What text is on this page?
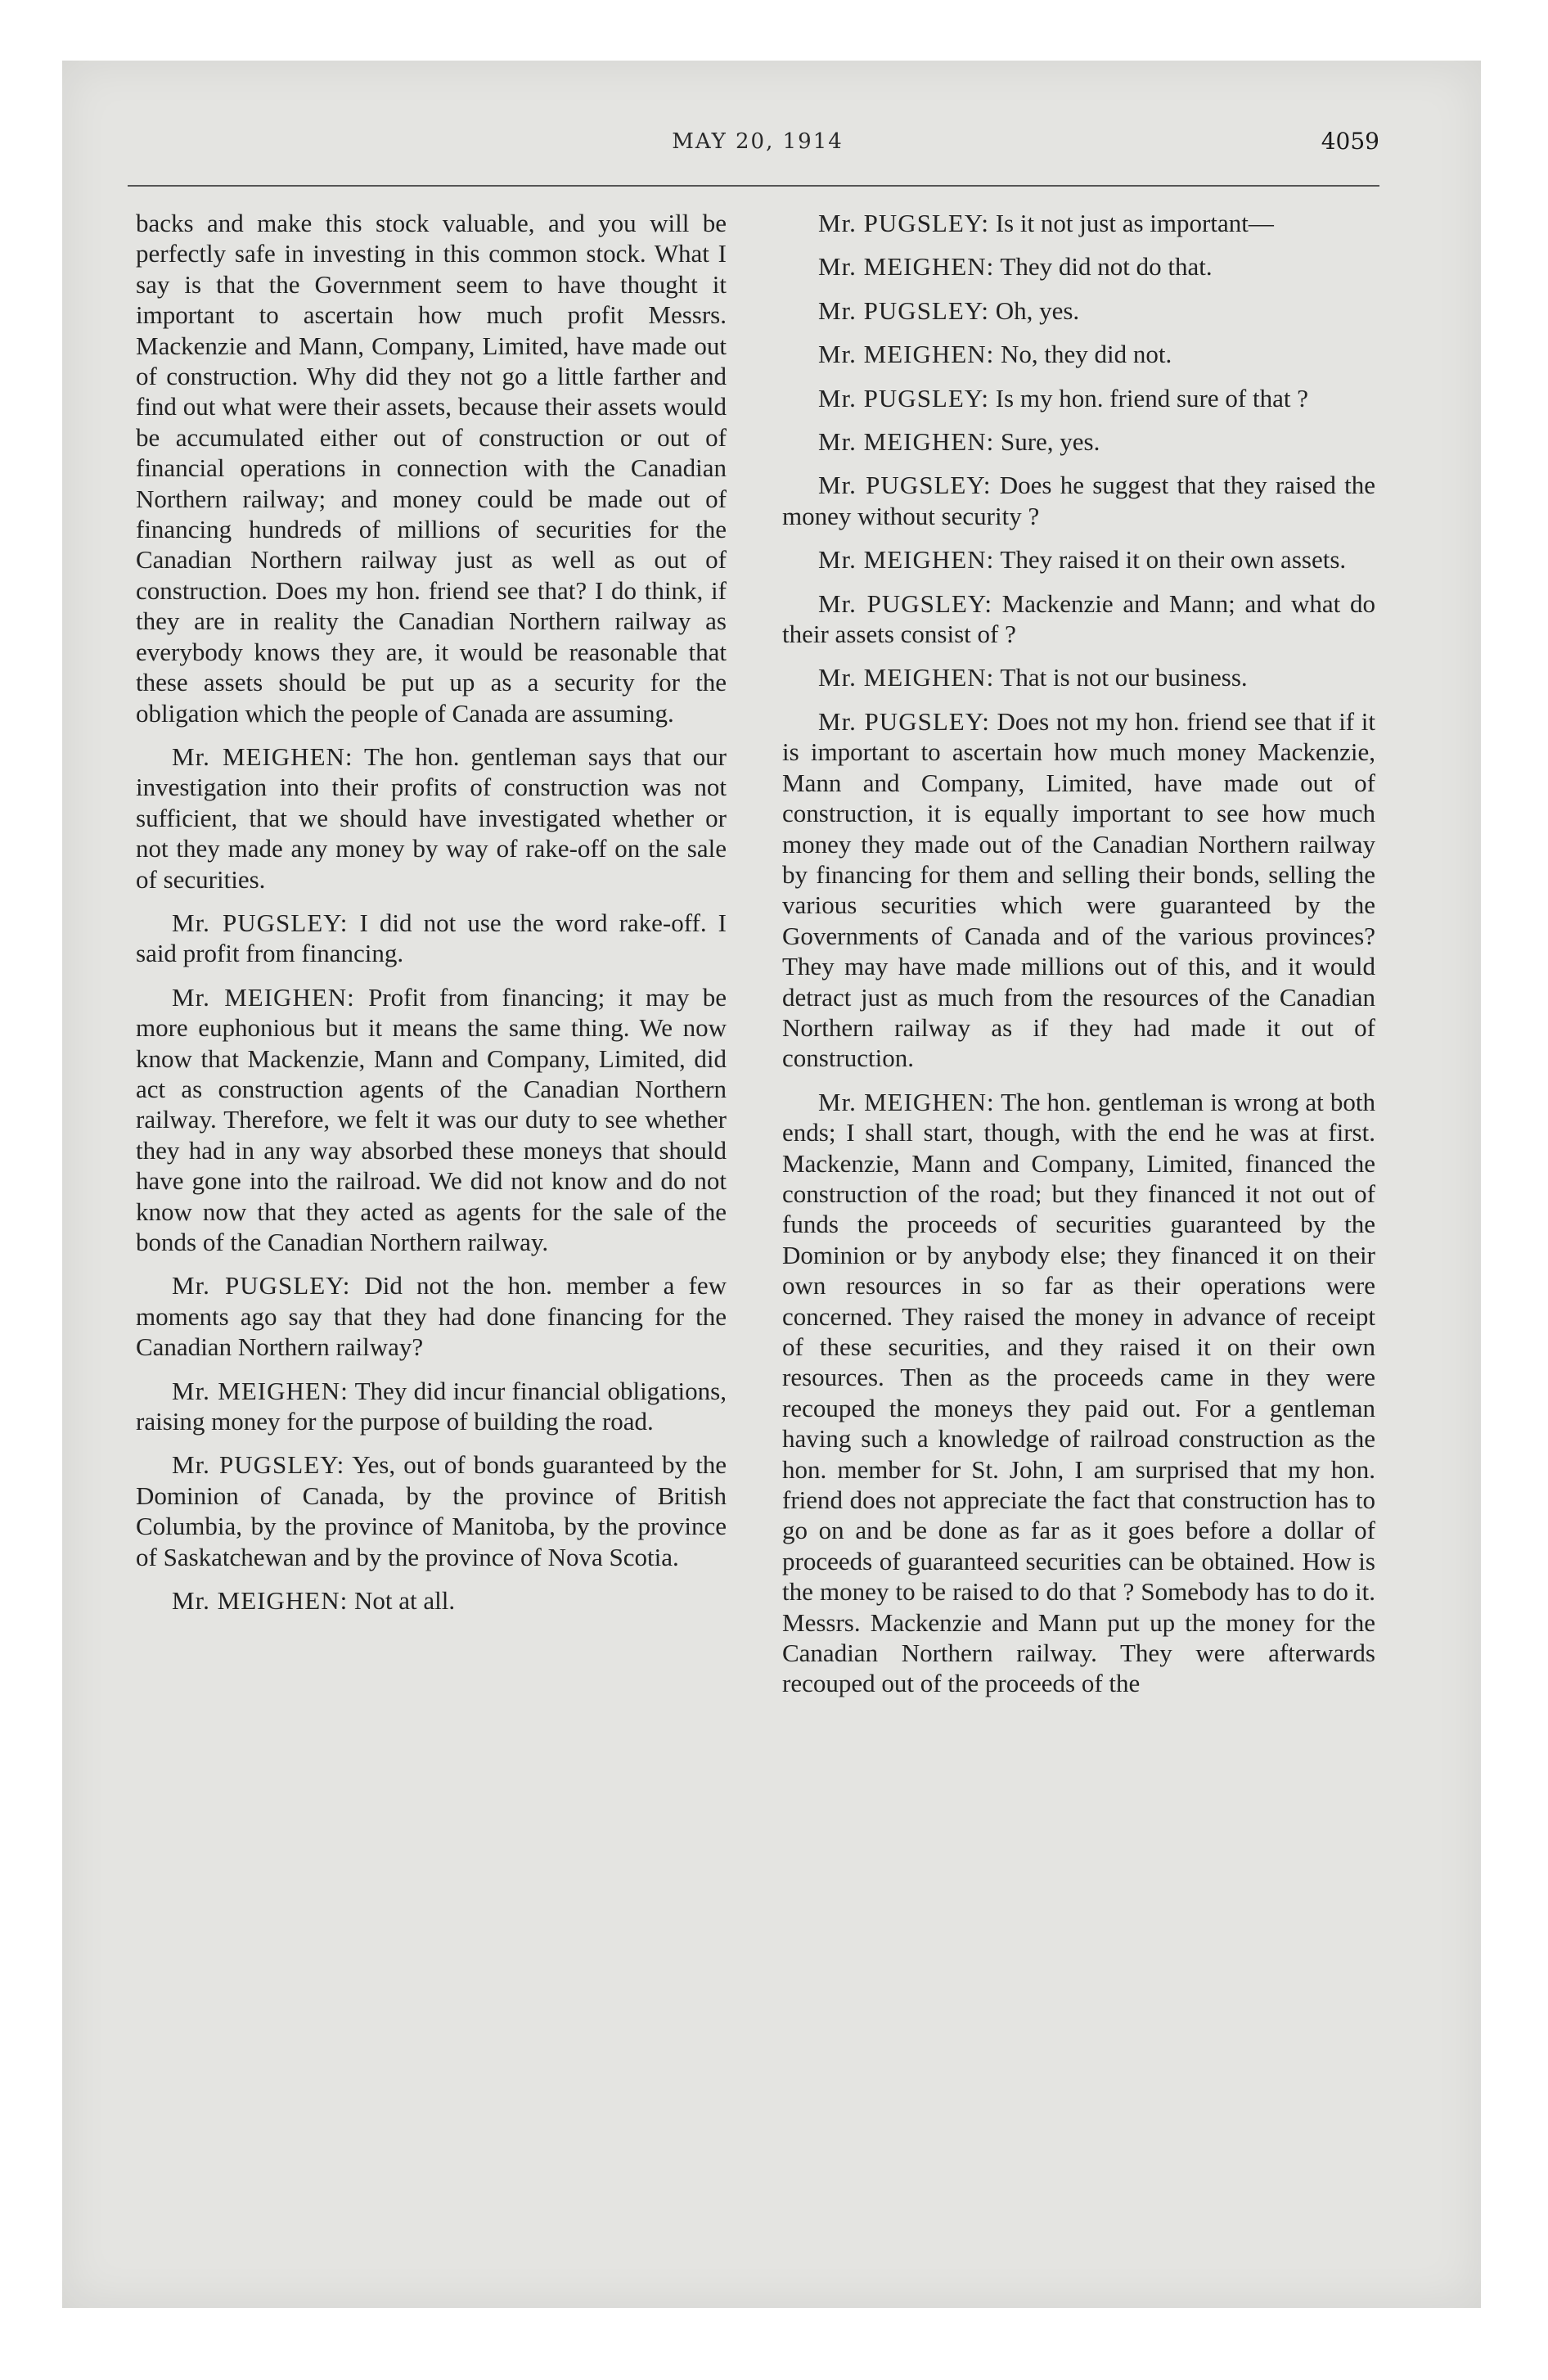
MAY 20, 1914	4059

backs and make this stock valuable, and you will be perfectly safe in investing in this common stock. What I say is that the Government seem to have thought it important to ascertain how much profit Messrs. Mackenzie and Mann, Company, Limited, have made out of construction. Why did they not go a little farther and find out what were their assets, because their assets would be accumulated either out of construction or out of financial operations in connection with the Canadian Northern railway; and money could be made out of financing hundreds of millions of securities for the Canadian Northern railway just as well as out of construction. Does my hon. friend see that? I do think, if they are in reality the Canadian Northern railway as everybody knows they are, it would be reasonable that these assets should be put up as a security for the obligation which the people of Canada are assuming.

Mr. MEIGHEN: The hon. gentleman says that our investigation into their profits of construction was not sufficient, that we should have investigated whether or not they made any money by way of rake-off on the sale of securities.

Mr. PUGSLEY: I did not use the word rake-off. I said profit from financing.

Mr. MEIGHEN: Profit from financing; it may be more euphonious but it means the same thing. We now know that Mackenzie, Mann and Company, Limited, did act as construction agents of the Canadian Northern railway. Therefore, we felt it was our duty to see whether they had in any way absorbed these moneys that should have gone into the railroad. We did not know and do not know now that they acted as agents for the sale of the bonds of the Canadian Northern railway.

Mr. PUGSLEY: Did not the hon. member a few moments ago say that they had done financing for the Canadian Northern railway?

Mr. MEIGHEN: They did incur financial obligations, raising money for the purpose of building the road.

Mr. PUGSLEY: Yes, out of bonds guaranteed by the Dominion of Canada, by the province of British Columbia, by the province of Manitoba, by the province of Saskatchewan and by the province of Nova Scotia.

Mr. MEIGHEN: Not at all.

Mr. PUGSLEY: Is it not just as important—

Mr. MEIGHEN: They did not do that.

Mr. PUGSLEY: Oh, yes.

Mr. MEIGHEN: No, they did not.

Mr. PUGSLEY: Is my hon. friend sure of that ?

Mr. MEIGHEN: Sure, yes.

Mr. PUGSLEY: Does he suggest that they raised the money without security ?

Mr. MEIGHEN: They raised it on their own assets.

Mr. PUGSLEY: Mackenzie and Mann; and what do their assets consist of ?

Mr. MEIGHEN: That is not our business.

Mr. PUGSLEY: Does not my hon. friend see that if it is important to ascertain how much money Mackenzie, Mann and Company, Limited, have made out of construction, it is equally important to see how much money they made out of the Canadian Northern railway by financing for them and selling their bonds, selling the various securities which were guaranteed by the Governments of Canada and of the various provinces? They may have made millions out of this, and it would detract just as much from the resources of the Canadian Northern railway as if they had made it out of construction.

Mr. MEIGHEN: The hon. gentleman is wrong at both ends; I shall start, though, with the end he was at first. Mackenzie, Mann and Company, Limited, financed the construction of the road; but they financed it not out of funds the proceeds of securities guaranteed by the Dominion or by anybody else; they financed it on their own resources in so far as their operations were concerned. They raised the money in advance of receipt of these securities, and they raised it on their own resources. Then as the proceeds came in they were recouped the moneys they paid out. For a gentleman having such a knowledge of railroad construction as the hon. member for St. John, I am surprised that my hon. friend does not appreciate the fact that construction has to go on and be done as far as it goes before a dollar of proceeds of guaranteed securities can be obtained. How is the money to be raised to do that ? Somebody has to do it. Messrs. Mackenzie and Mann put up the money for the Canadian Northern railway. They were afterwards recouped out of the proceeds of the
